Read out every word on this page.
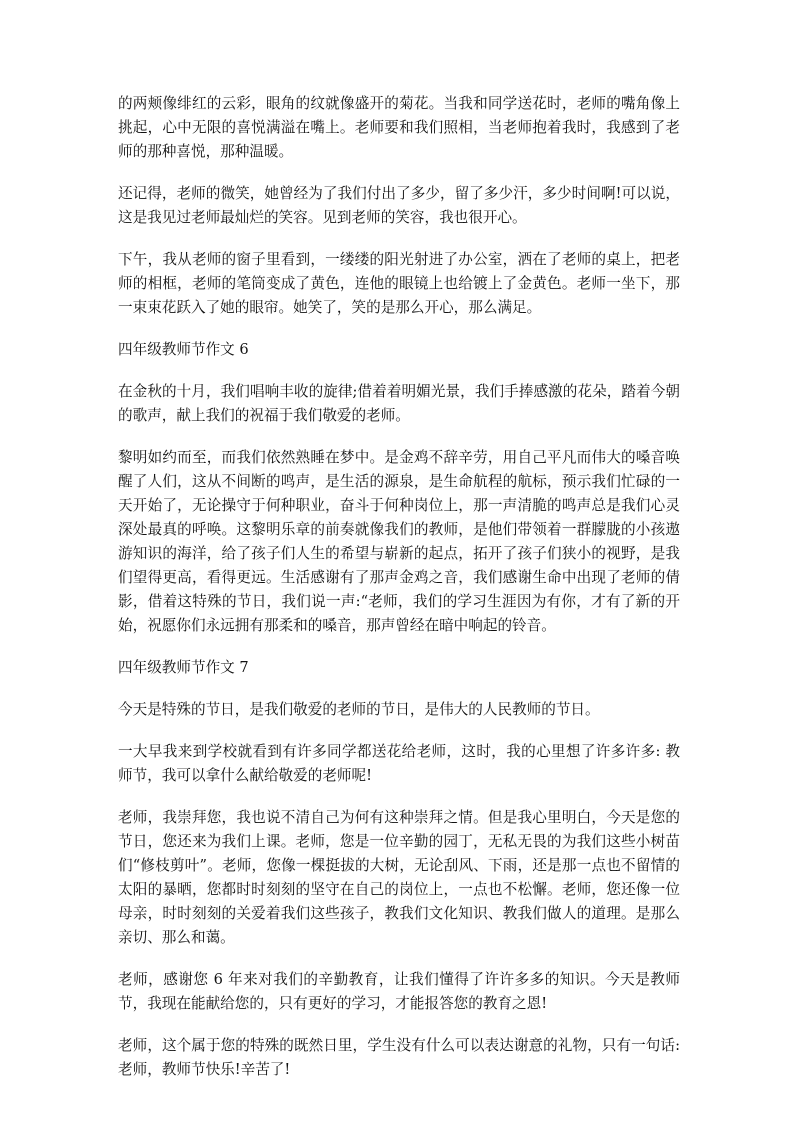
的两颊像绯红的云彩，眼角的纹就像盛开的菊花。当我和同学送花时，老师的嘴角像上挑起，心中无限的喜悦满溢在嘴上。老师要和我们照相，当老师抱着我时，我感到了老师的那种喜悦，那种温暖。

还记得，老师的微笑，她曾经为了我们付出了多少，留了多少汗，多少时间啊!可以说，这是我见过老师最灿烂的笑容。见到老师的笑容，我也很开心。

下午，我从老师的窗子里看到，一缕缕的阳光射进了办公室，洒在了老师的桌上，把老师的相框，老师的笔筒变成了黄色，连他的眼镜上也给镀上了金黄色。老师一坐下，那一束束花跃入了她的眼帘。她笑了，笑的是那么开心，那么满足。

四年级教师节作文 6

在金秋的十月，我们唱响丰收的旋律;借着着明媚光景，我们手捧感激的花朵，踏着今朝的歌声，献上我们的祝福于我们敬爱的老师。

黎明如约而至，而我们依然熟睡在梦中。是金鸡不辞辛劳，用自己平凡而伟大的嗓音唤醒了人们，这从不间断的鸣声，是生活的源泉，是生命航程的航标，预示我们忙碌的一天开始了，无论操守于何种职业，奋斗于何种岗位上，那一声清脆的鸣声总是我们心灵深处最真的呼唤。这黎明乐章的前奏就像我们的教师，是他们带领着一群朦胧的小孩遨游知识的海洋，给了孩子们人生的希望与崭新的起点，拓开了孩子们狭小的视野，是我们望得更高，看得更远。生活感谢有了那声金鸡之音，我们感谢生命中出现了老师的倩影，借着这特殊的节日，我们说一声:“老师，我们的学习生涯因为有你，才有了新的开始，祝愿你们永远拥有那柔和的嗓音，那声曾经在暗中响起的铃音。

四年级教师节作文 7

今天是特殊的节日，是我们敬爱的老师的节日，是伟大的人民教师的节日。

一大早我来到学校就看到有许多同学都送花给老师，这时，我的心里想了许多许多: 教师节，我可以拿什么献给敬爱的老师呢!

老师，我崇拜您，我也说不清自己为何有这种崇拜之情。但是我心里明白，今天是您的节日，您还来为我们上课。老师，您是一位辛勤的园丁，无私无畏的为我们这些小树苗们“修枝剪叶”。老师，您像一棵挺拔的大树，无论刮风、下雨，还是那一点也不留情的太阳的暴晒，您都时时刻刻的坚守在自己的岗位上，一点也不松懈。老师，您还像一位母亲，时时刻刻的关爱着我们这些孩子，教我们文化知识、教我们做人的道理。是那么亲切、那么和蔼。

老师，感谢您 6 年来对我们的辛勤教育，让我们懂得了许许多多的知识。今天是教师节，我现在能献给您的，只有更好的学习，才能报答您的教育之恩!

老师，这个属于您的特殊的既然日里，学生没有什么可以表达谢意的礼物，只有一句话: 老师，教师节快乐!辛苦了!
